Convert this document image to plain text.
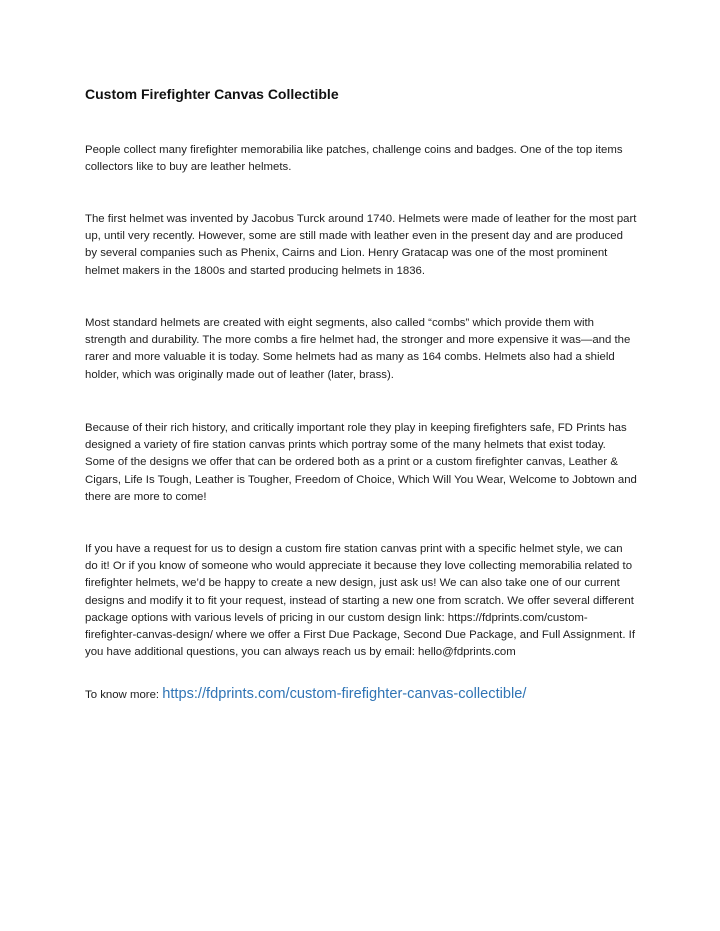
Custom Firefighter Canvas Collectible

People collect many firefighter memorabilia like patches, challenge coins and badges. One of the top items collectors like to buy are leather helmets.

The first helmet was invented by Jacobus Turck around 1740. Helmets were made of leather for the most part up, until very recently. However, some are still made with leather even in the present day and are produced by several companies such as Phenix, Cairns and Lion. Henry Gratacap was one of the most prominent helmet makers in the 1800s and started producing helmets in 1836.

Most standard helmets are created with eight segments, also called “combs” which provide them with strength and durability. The more combs a fire helmet had, the stronger and more expensive it was—and the rarer and more valuable it is today. Some helmets had as many as 164 combs. Helmets also had a shield holder, which was originally made out of leather (later, brass).

Because of their rich history, and critically important role they play in keeping firefighters safe, FD Prints has designed a variety of fire station canvas prints which portray some of the many helmets that exist today. Some of the designs we offer that can be ordered both as a print or a custom firefighter canvas, Leather & Cigars, Life Is Tough, Leather is Tougher, Freedom of Choice, Which Will You Wear, Welcome to Jobtown and there are more to come!

If you have a request for us to design a custom fire station canvas print with a specific helmet style, we can do it! Or if you know of someone who would appreciate it because they love collecting memorabilia related to firefighter helmets, we’d be happy to create a new design, just ask us! We can also take one of our current designs and modify it to fit your request, instead of starting a new one from scratch. We offer several different package options with various levels of pricing in our custom design link: https://fdprints.com/custom-firefighter-canvas-design/ where we offer a First Due Package, Second Due Package, and Full Assignment. If you have additional questions, you can always reach us by email: hello@fdprints.com

To know more: https://fdprints.com/custom-firefighter-canvas-collectible/
